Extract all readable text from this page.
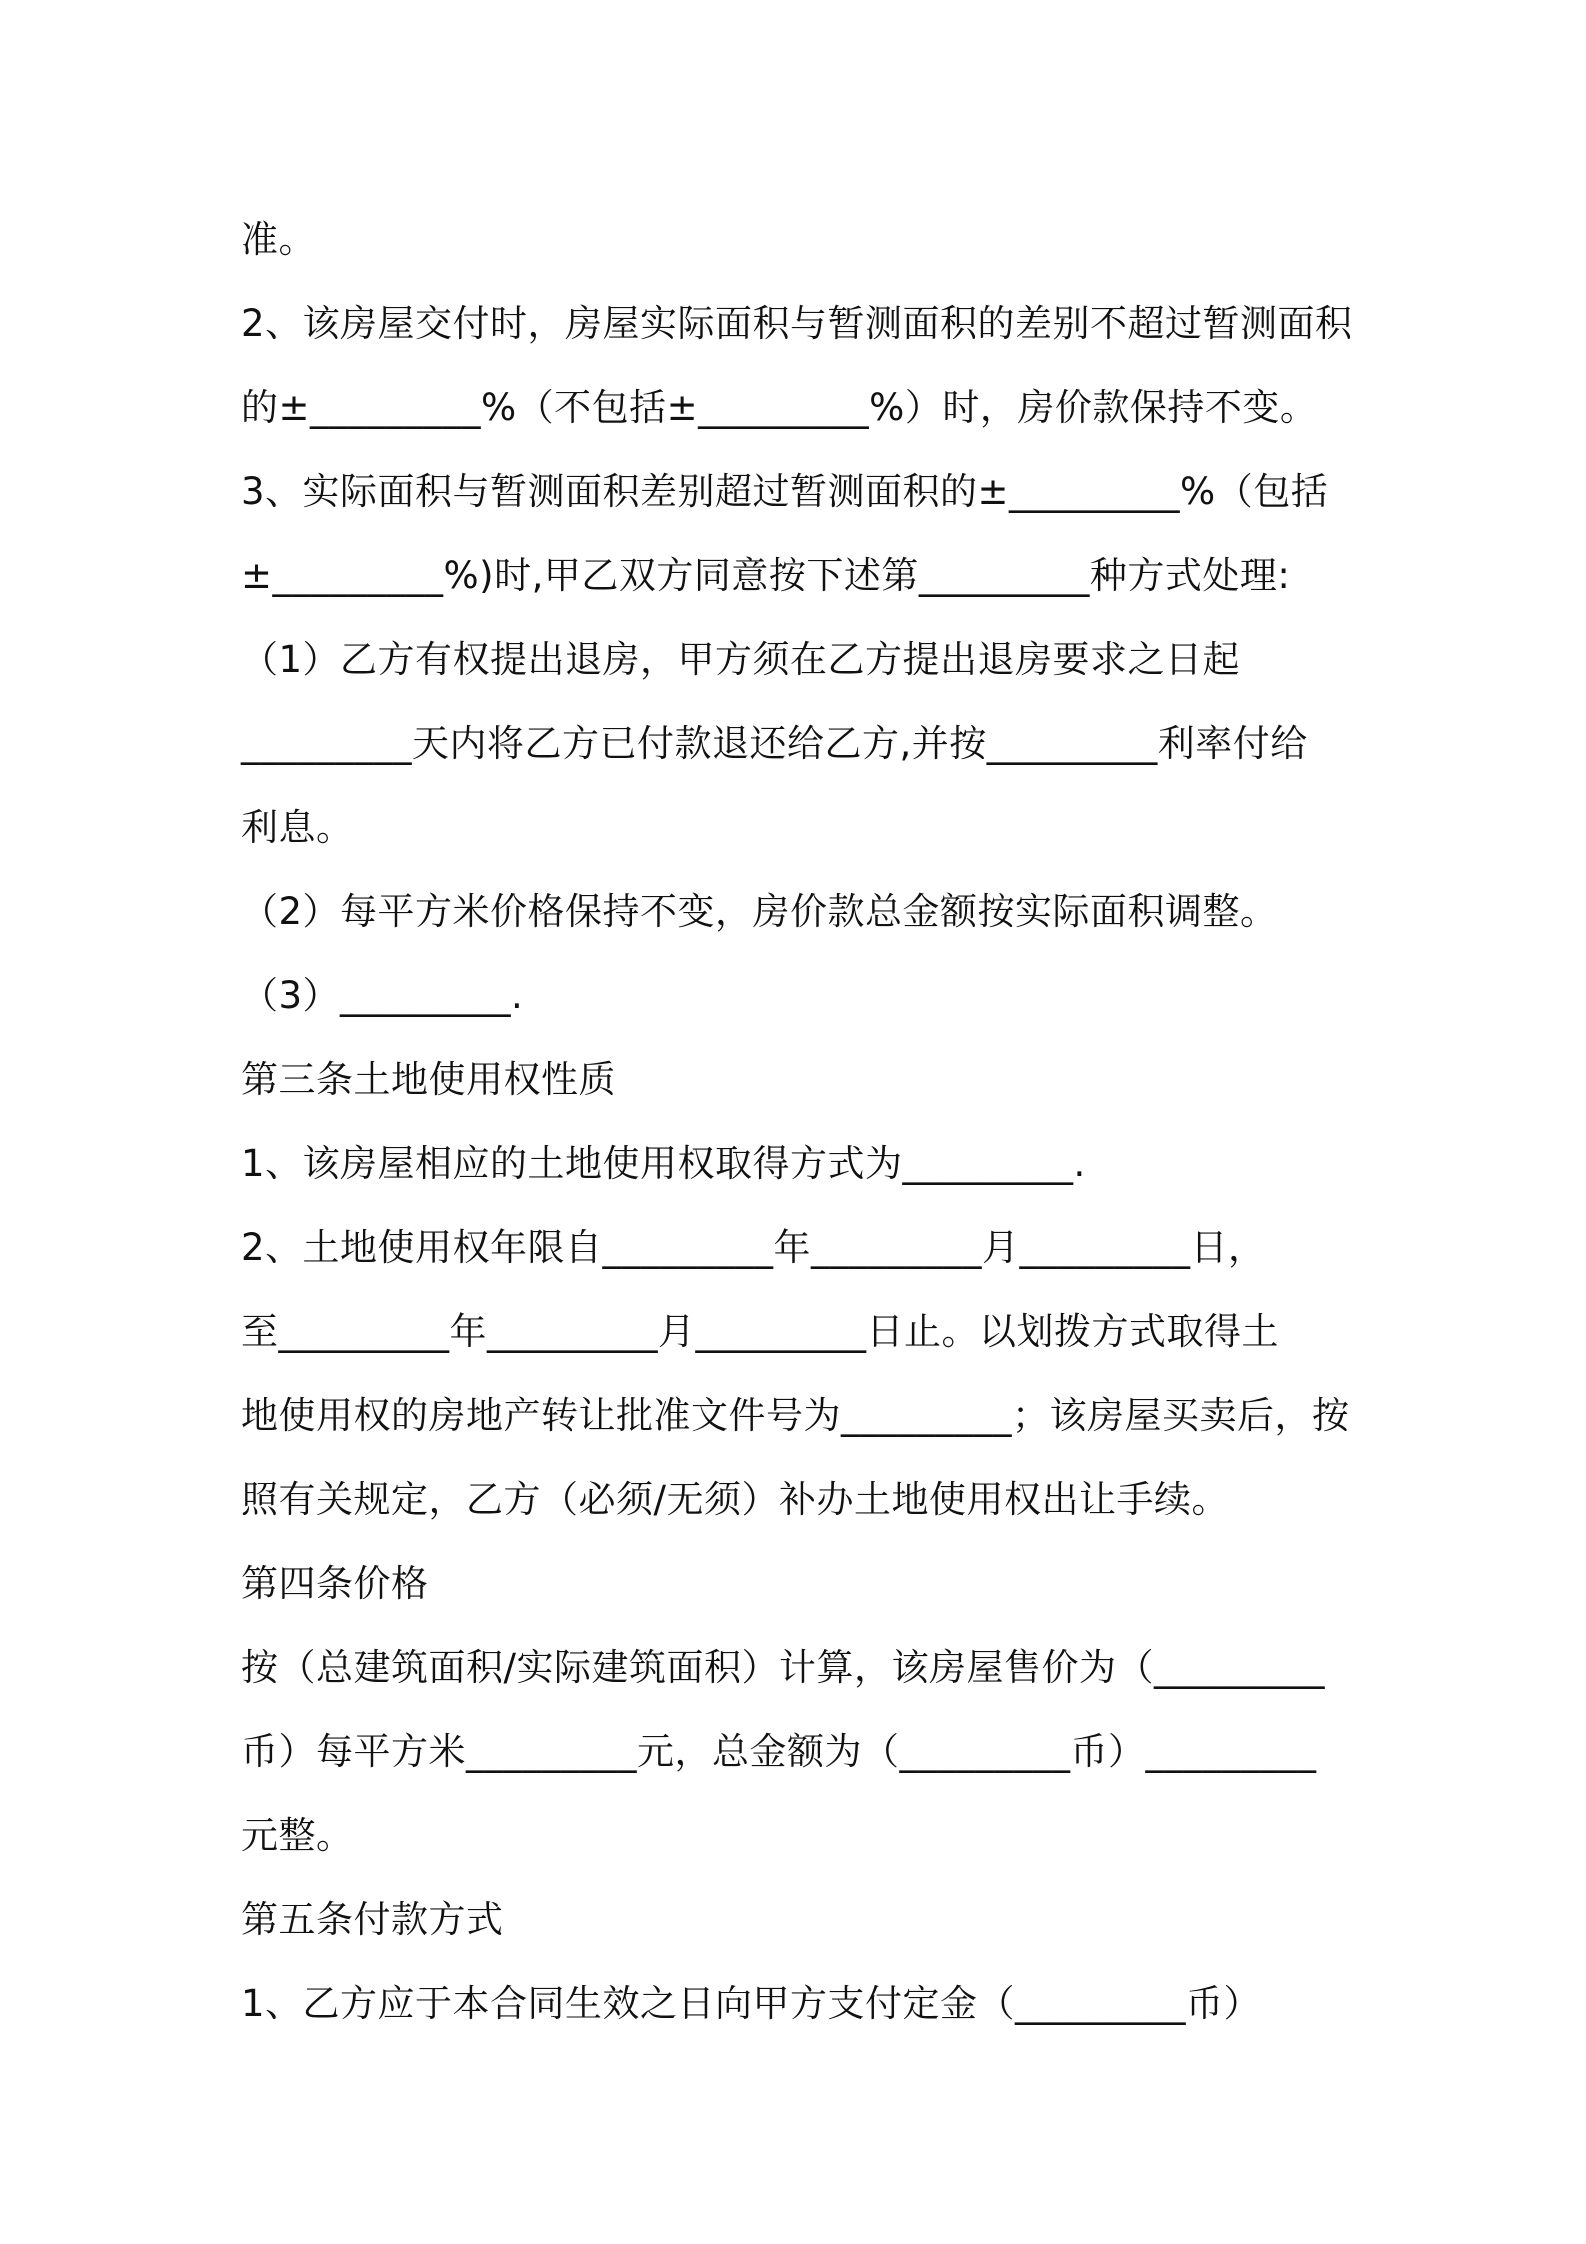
准。
2、该房屋交付时，房屋实际面积与暂测面积的差别不超过暂测面积
的±_________%（不包括±_________%）时，房价款保持不变。
3、实际面积与暂测面积差别超过暂测面积的±_________%（包括
±_________%)时,甲乙双方同意按下述第_________种方式处理:
（1）乙方有权提出退房，甲方须在乙方提出退房要求之日起
_________天内将乙方已付款退还给乙方,并按_________利率付给
利息。
（2）每平方米价格保持不变，房价款总金额按实际面积调整。
（3）_________.
第三条土地使用权性质
1、该房屋相应的土地使用权取得方式为_________.
2、土地使用权年限自_________年_________月_________日，
至_________年_________月_________日止。以划拨方式取得土
地使用权的房地产转让批准文件号为_________；该房屋买卖后，按
照有关规定，乙方（必须/无须）补办土地使用权出让手续。
第四条价格
按（总建筑面积/实际建筑面积）计算，该房屋售价为（_________
币）每平方米_________元，总金额为（_________币）_________
元整。
第五条付款方式
1、乙方应于本合同生效之日向甲方支付定金（_________币）
